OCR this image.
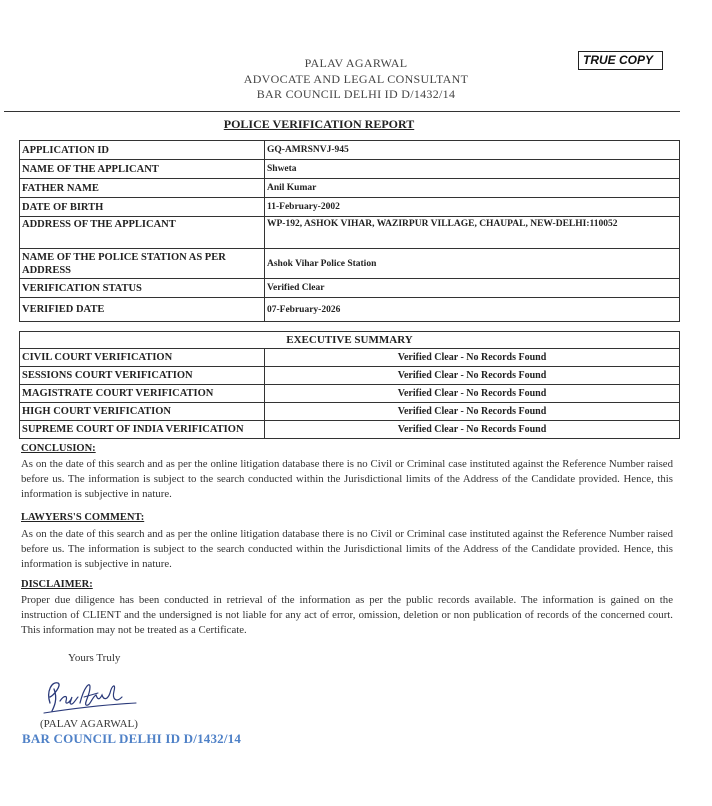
TRUE COPY
PALAV AGARWAL
ADVOCATE AND LEGAL CONSULTANT
BAR COUNCIL DELHI ID D/1432/14
POLICE VERIFICATION REPORT
APPLICATION ID	GQ-AMRSNVJ-945
NAME OF THE APPLICANT	Shweta
FATHER NAME	Anil Kumar
DATE OF BIRTH	11-February-2002
ADDRESS OF THE APPLICANT	WP-192, ASHOK VIHAR, WAZIRPUR VILLAGE, CHAUPAL, NEW-DELHI:110052
NAME OF THE POLICE STATION AS PER ADDRESS	Ashok Vihar Police Station
VERIFICATION STATUS	Verified Clear
VERIFIED DATE	07-February-2026
EXECUTIVE SUMMARY	
CIVIL COURT VERIFICATION	Verified Clear - No Records Found
SESSIONS COURT VERIFICATION	Verified Clear - No Records Found
MAGISTRATE COURT VERIFICATION	Verified Clear - No Records Found
HIGH COURT VERIFICATION	Verified Clear - No Records Found
SUPREME COURT OF INDIA VERIFICATION	Verified Clear - No Records Found
CONCLUSION:
As on the date of this search and as per the online litigation database there is no Civil or Criminal case instituted against the Reference Number raised before us. The information is subject to the search conducted within the Jurisdictional limits of the Address of the Candidate provided. Hence, this information is subjective in nature.
LAWYERS'S COMMENT:
As on the date of this search and as per the online litigation database there is no Civil or Criminal case instituted against the Reference Number raised before us. The information is subject to the search conducted within the Jurisdictional limits of the Address of the Candidate provided. Hence, this information is subjective in nature.
DISCLAIMER:
Proper due diligence has been conducted in retrieval of the information as per the public records available. The information is gained on the instruction of CLIENT and the undersigned is not liable for any act of error, omission, deletion or non publication of records of the concerned court. This information may not be treated as a Certificate.
Yours Truly
(PALAV AGARWAL)
BAR COUNCIL DELHI ID D/1432/14
